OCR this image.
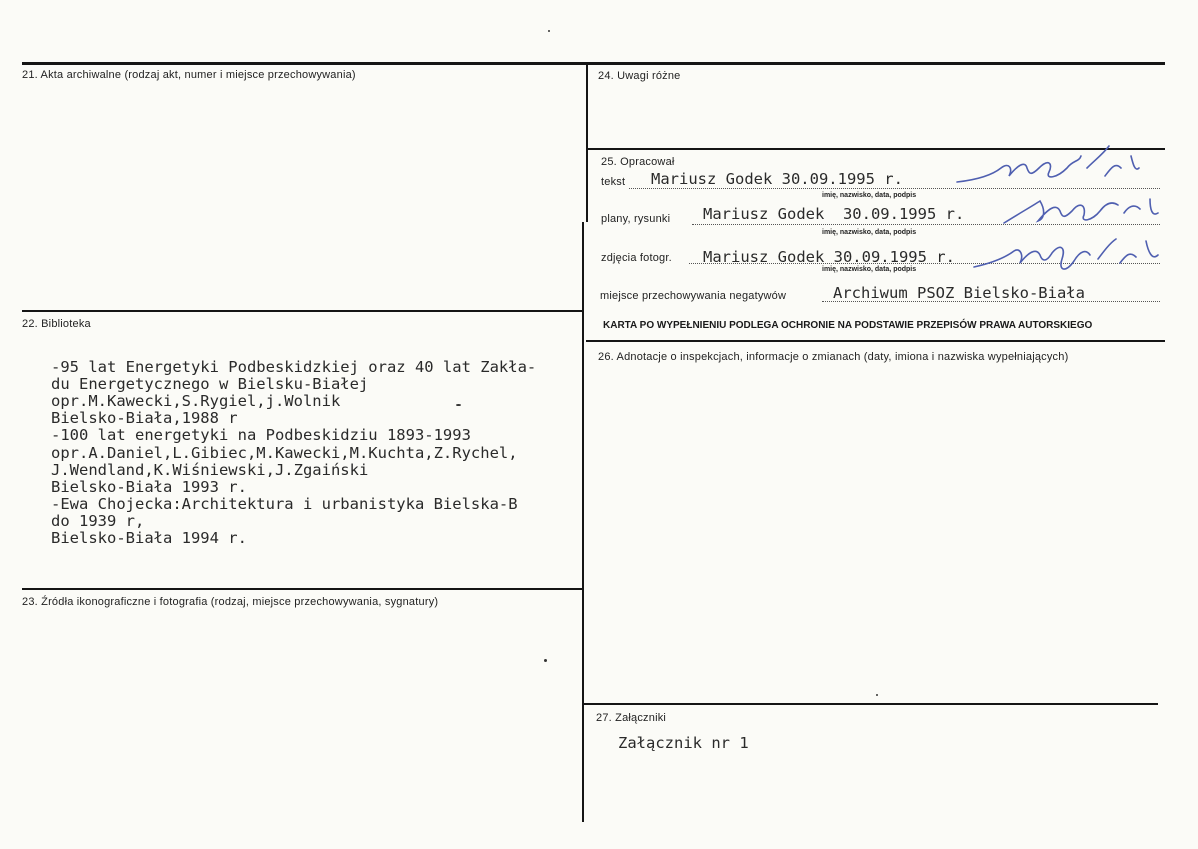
21. Akta archiwalne (rodzaj akt, numer i miejsce przechowywania)
22. Biblioteka
-95 lat Energetyki Podbeskidzkiej oraz 40 lat Zakła-
du Energetycznego w Bielsku-Białej
opr.M.Kawecki,S.Rygiel,j.Wolnik
Bielsko-Biała,1988 r
-100 lat energetyki na Podbeskidziu 1893-1993
opr.A.Daniel,L.Gibiec,M.Kawecki,M.Kuchta,Z.Rychel,
J.Wendland,K.Wiśniewski,J.Zgaiński
Bielsko-Biała 1993 r.
-Ewa Chojecka:Architektura i urbanistyka Bielska-B
do 1939 r,
Bielsko-Biała 1994 r.
23. Źródła ikonograficzne i fotografia (rodzaj, miejsce przechowywania, sygnatury)
24. Uwagi różne
25. Opracował
tekst Mariusz Godek 30.09.1995 r.
imię, nazwisko, data, podpis
plany, rysunki Mariusz Godek  30.09.1995 r.
imię, nazwisko, data, podpis
zdjęcia fotogr. Mariusz Godek 30.09.1995 r.
imię, nazwisko, data, podpis
miejsce przechowywania negatywów	Archiwum PSOZ Bielsko-Biała
KARTA PO WYPEŁNIENIU PODLEGA OCHRONIE NA PODSTAWIE PRZEPISÓW PRAWA AUTORSKIEGO
26. Adnotacje o inspekcjach, informacje o zmianach (daty, imiona i nazwiska wypełniających)
27. Załączniki
Załącznik nr 1
